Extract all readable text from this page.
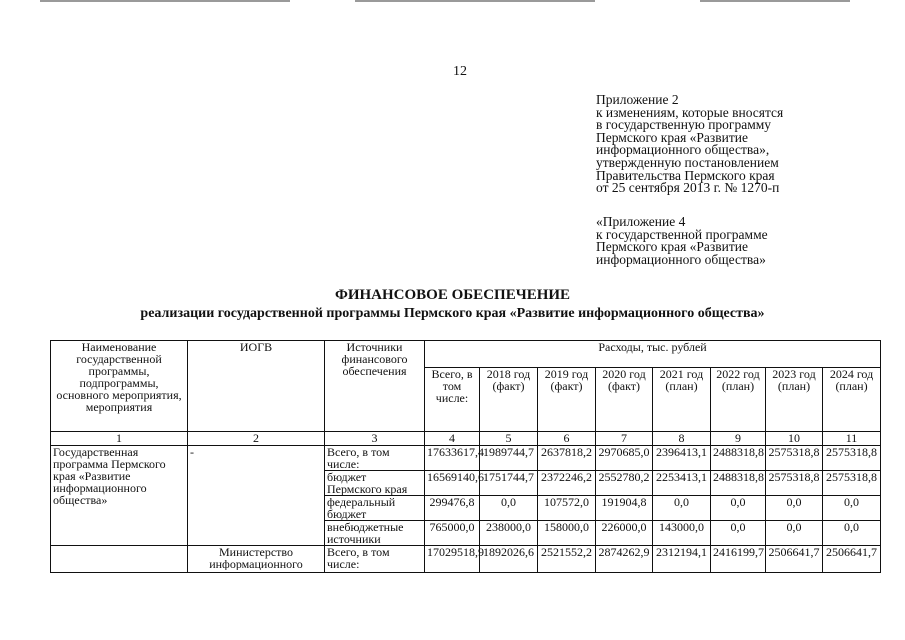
12
Приложение 2
к изменениям, которые вносятся
в государственную программу
Пермского края «Развитие
информационного общества»,
утвержденную постановлением
Правительства Пермского края
от 25 сентября 2013 г. № 1270-п
«Приложение 4
к государственной программе
Пермского края «Развитие
информационного общества»
ФИНАНСОВОЕ ОБЕСПЕЧЕНИЕ
реализации государственной программы Пермского края «Развитие информационного общества»
Наименование государственной программы, подпрограммы, основного мероприятия, мероприятия	ИОГВ	Источники финансового обеспечения	Расходы, тыс. рублей							
			Всего, в том числе:	2018 год (факт)	2019 год (факт)	2020 год (факт)	2021 год (план)	2022 год (план)	2023 год (план)	2024 год (план)
1	2	3	4	5	6	7	8	9	10	11
Государственная программа Пермского края «Развитие информационного общества»	-	Всего, в том числе:	17633617,4	1989744,7	2637818,2	2970685,0	2396413,1	2488318,8	2575318,8	2575318,8
		бюджет Пермского края	16569140,6	1751744,7	2372246,2	2552780,2	2253413,1	2488318,8	2575318,8	2575318,8
		федеральный бюджет	299476,8	0,0	107572,0	191904,8	0,0	0,0	0,0	0,0
		внебюджетные источники	765000,0	238000,0	158000,0	226000,0	143000,0	0,0	0,0	0,0

	Министерство информационного	Всего, в том числе:	17029518,9	1892026,6	2521552,2	2874262,9	2312194,1	2416199,7	2506641,7	2506641,7
